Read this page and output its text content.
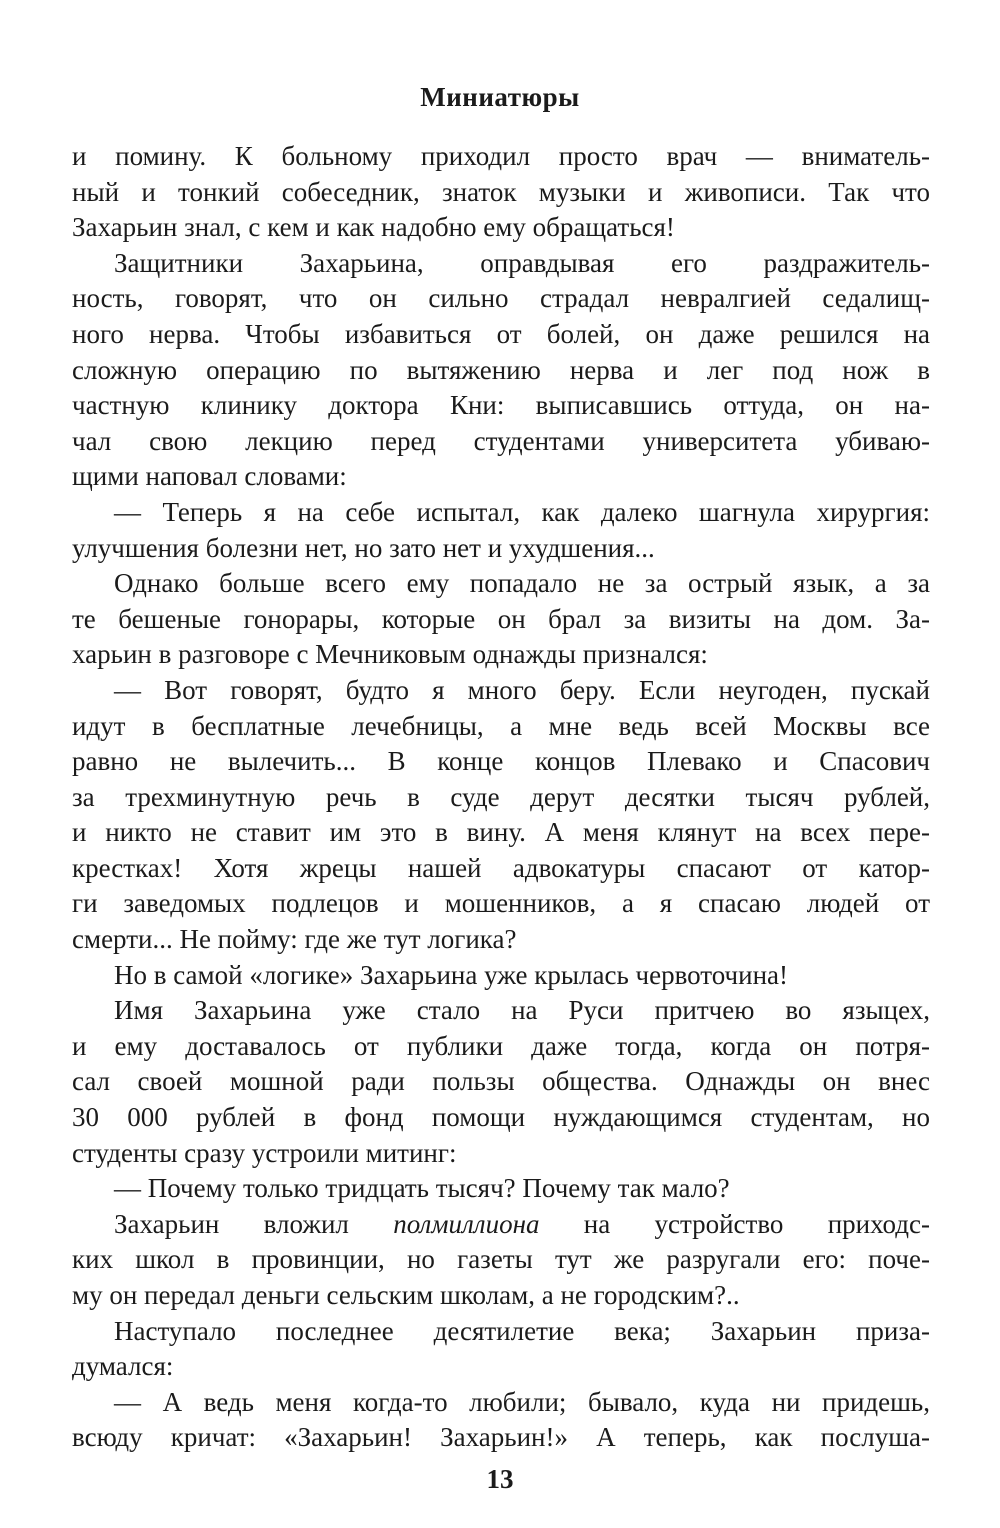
Миниатюры
и помину. К больному приходил просто врач — вниматель-
ный и тонкий собеседник, знаток музыки и живописи. Так что
Захарьин знал, с кем и как надобно ему обращаться!
Защитники Захарьина, оправдывая его раздражитель-
ность, говорят, что он сильно страдал невралгией седалищ-
ного нерва. Чтобы избавиться от болей, он даже решился на
сложную операцию по вытяжению нерва и лег под нож в
частную клинику доктора Кни: выписавшись оттуда, он на-
чал свою лекцию перед студентами университета убиваю-
щими наповал словами:
— Теперь я на себе испытал, как далеко шагнула хирургия:
улучшения болезни нет, но зато нет и ухудшения...
Однако больше всего ему попадало не за острый язык, а за
те бешеные гонорары, которые он брал за визиты на дом. За-
харьин в разговоре с Мечниковым однажды признался:
— Вот говорят, будто я много беру. Если неугоден, пускай
идут в бесплатные лечебницы, а мне ведь всей Москвы все
равно не вылечить... В конце концов Плевако и Спасович
за трехминутную речь в суде дерут десятки тысяч рублей,
и никто не ставит им это в вину. А меня клянут на всех пере-
крестках! Хотя жрецы нашей адвокатуры спасают от катор-
ги заведомых подлецов и мошенников, а я спасаю людей от
смерти... Не пойму: где же тут логика?
Но в самой «логике» Захарьина уже крылась червоточина!
Имя Захарьина уже стало на Руси притчею во языцех,
и ему доставалось от публики даже тогда, когда он потря-
сал своей мошной ради пользы общества. Однажды он внес
30 000 рублей в фонд помощи нуждающимся студентам, но
студенты сразу устроили митинг:
— Почему только тридцать тысяч? Почему так мало?
Захарьин вложил полмиллиона на устройство приходс-
ких школ в провинции, но газеты тут же разругали его: поче-
му он передал деньги сельским школам, а не городским?..
Наступало последнее десятилетие века; Захарьин приза-
думался:
— А ведь меня когда-то любили; бывало, куда ни придешь,
всюду кричат: «Захарьин! Захарьин!» А теперь, как послуша-
13
